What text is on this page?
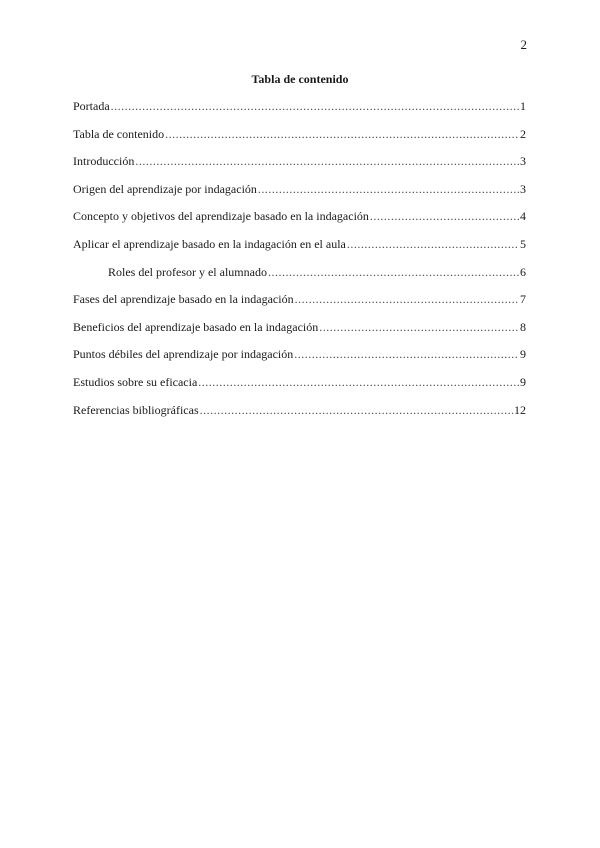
2
Tabla de contenido
Portada .....	1
Tabla de contenido .....	2
Introducción .....	3
Origen del aprendizaje por indagación .....	3
Concepto y objetivos del aprendizaje basado en la indagación .....	4
Aplicar el aprendizaje basado en la indagación en el aula .....	5
Roles del profesor y el alumnado .....	6
Fases del aprendizaje basado en la indagación .....	7
Beneficios del aprendizaje basado en la indagación .....	8
Puntos débiles del aprendizaje por indagación .....	9
Estudios sobre su eficacia .....	9
Referencias bibliográficas .....	12
